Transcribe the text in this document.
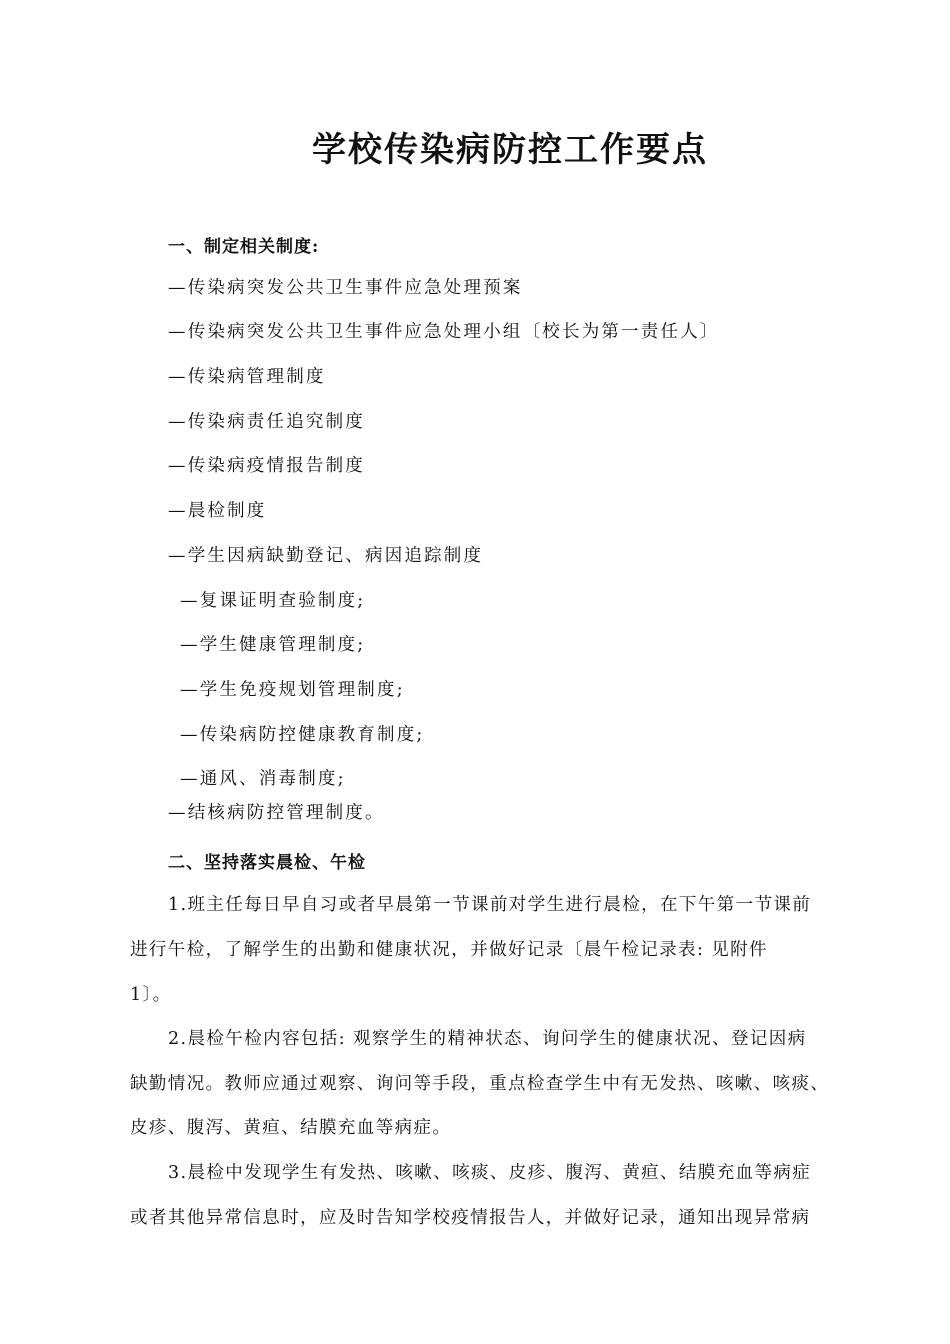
学校传染病防控工作要点
一、制定相关制度:
—传染病突发公共卫生事件应急处理预案
—传染病突发公共卫生事件应急处理小组〔校长为第一责任人〕
—传染病管理制度
—传染病责任追究制度
—传染病疫情报告制度
—晨检制度
—学生因病缺勤登记、病因追踪制度
—复课证明查验制度;
—学生健康管理制度;
—学生免疫规划管理制度;
—传染病防控健康教育制度;
—通风、消毒制度;
—结核病防控管理制度。
二、坚持落实晨检、午检
1.班主任每日早自习或者早晨第一节课前对学生进行晨检，在下午第一节课前
进行午检，了解学生的出勤和健康状况，并做好记录〔晨午检记录表: 见附件
1〕。
2.晨检午检内容包括: 观察学生的精神状态、询问学生的健康状况、登记因病
缺勤情况。教师应通过观察、询问等手段，重点检查学生中有无发热、咳嗽、咳痰、
皮疹、腹泻、黄疸、结膜充血等病症。
3.晨检中发现学生有发热、咳嗽、咳痰、皮疹、腹泻、黄疸、结膜充血等病症
或者其他异常信息时，应及时告知学校疫情报告人，并做好记录，通知出现异常病
